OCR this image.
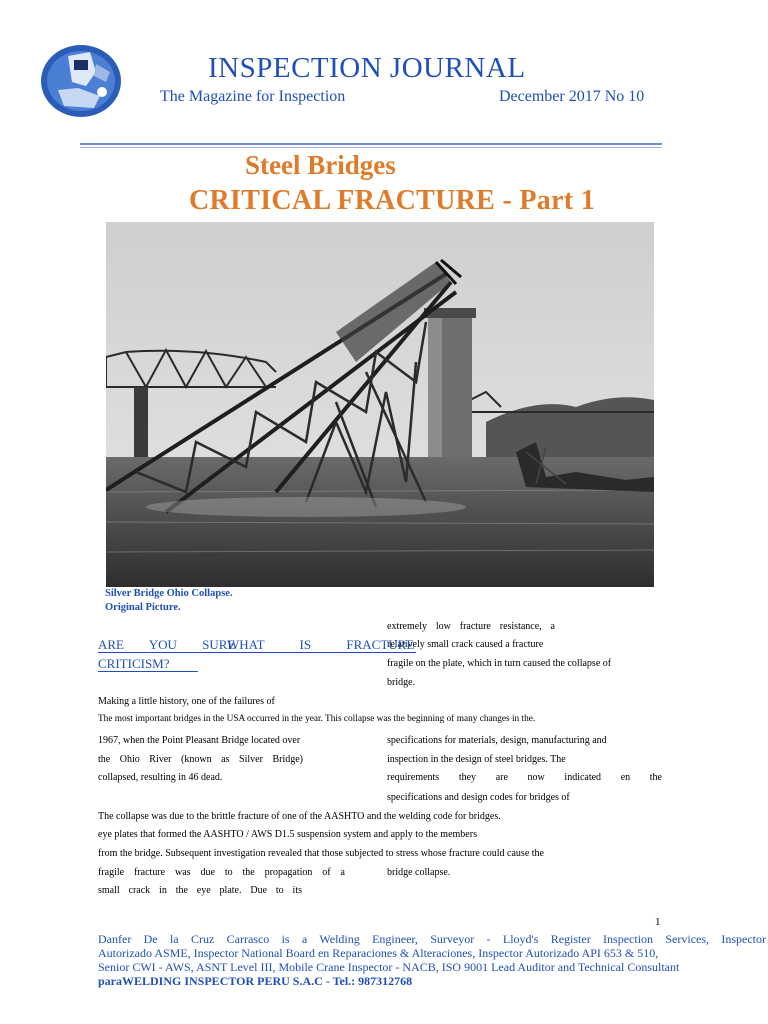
INSPECTION JOURNAL
The Magazine for Inspection	December 2017 No 10
Steel Bridges
CRITICAL FRACTURE - Part 1
Silver Bridge Ohio Collapse.
Original Picture.
extremely low fracture resistance, a
relatively small crack caused a fracture
fragile on the plate, which in turn caused the collapse of
bridge.
ARE YOU SURE
WHAT IS FRACTURE
CRITICISM?
Making a little history, one of the failures of
The most important bridges in the USA occurred in the year. This collapse was the beginning of many changes in the.
1967, when the Point Pleasant Bridge located over
the Ohio River (known as Silver Bridge)
collapsed, resulting in 46 dead.
specifications for materials, design, manufacturing and
inspection in the design of steel bridges. The
requirements they are now indicated en the
specifications and design codes for bridges of
The collapse was due to the brittle fracture of one of the AASHTO and the welding code for bridges.
eye plates that formed the AASHTO / AWS D1.5 suspension system and apply to the members
from the bridge. Subsequent investigation revealed that those subjected to stress whose fracture could cause the
fragile fracture was due to the propagation of a
small crack in the eye plate. Due to its
bridge collapse.
1
Danfer De la Cruz Carrasco is a Welding Engineer, Surveyor - Lloyd's Register Inspection Services, Inspector
Autorizado ASME, Inspector National Board en Reparaciones & Alteraciones, Inspector Autorizado API 653 & 510,
Senior CWI - AWS, ASNT Level III, Mobile Crane Inspector - NACB, ISO 9001 Lead Auditor and Technical Consultant
paraWELDING INSPECTOR PERU S.A.C - Tel.: 987312768
